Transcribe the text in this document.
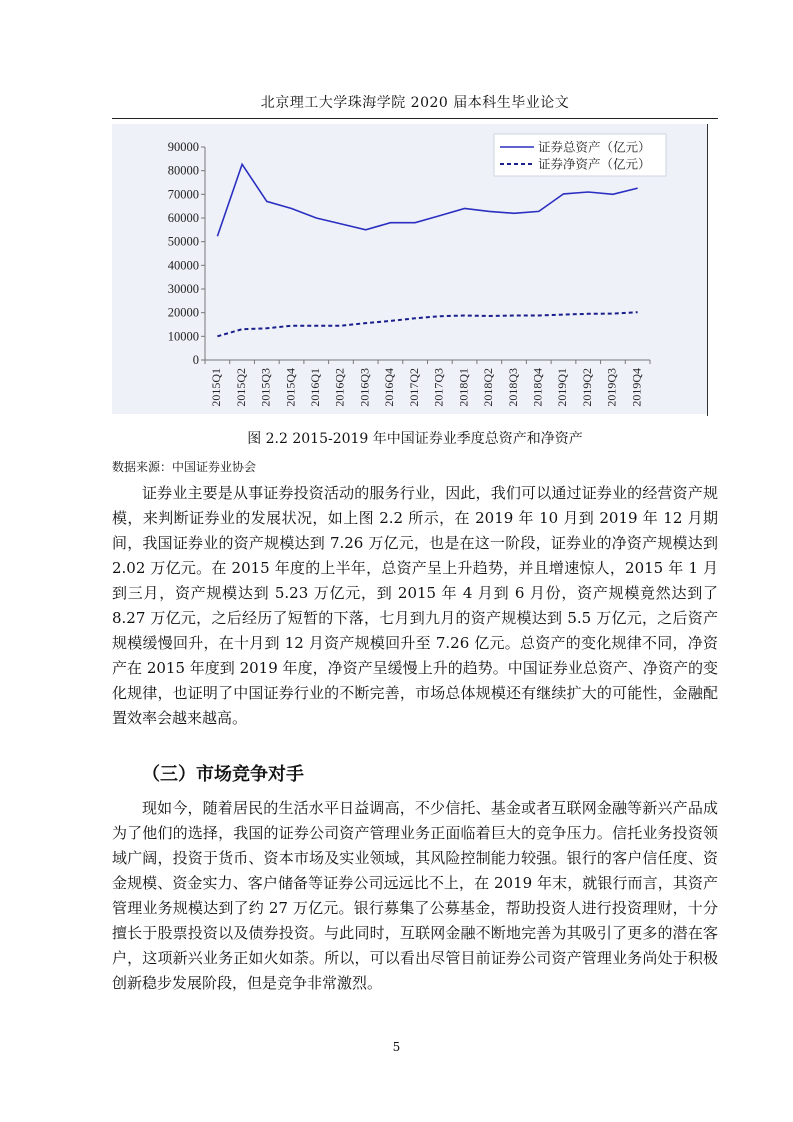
北京理工大学珠海学院 2020 届本科生毕业论文
0
10000
20000
30000
40000
50000
60000
70000
80000
90000
2015Q1 2015Q2 2015Q3 2015Q4 2016Q1 2016Q2 2016Q3 2016Q4 2017Q2 2017Q3 2018Q1 2018Q2 2018Q3 2018Q4 2019Q1 2019Q2 2019Q3 2019Q4
证券总资产（亿元）
证券净资产（亿元）
图 2.2 2015-2019 年中国证券业季度总资产和净资产
数据来源：中国证券业协会

证券业主要是从事证券投资活动的服务行业，因此，我们可以通过证券业的经营资产规模，来判断证券业的发展状况，如上图 2.2 所示，在 2019 年 10 月到 2019 年 12 月期间，我国证券业的资产规模达到 7.26 万亿元，也是在这一阶段，证券业的净资产规模达到 2.02 万亿元。在 2015 年度的上半年，总资产呈上升趋势，并且增速惊人，2015 年 1 月到三月，资产规模达到 5.23 万亿元，到 2015 年 4 月到 6 月份，资产规模竟然达到了 8.27 万亿元，之后经历了短暂的下落，七月到九月的资产规模达到 5.5 万亿元，之后资产规模缓慢回升，在十月到 12 月资产规模回升至 7.26 亿元。总资产的变化规律不同，净资产在 2015 年度到 2019 年度，净资产呈缓慢上升的趋势。中国证券业总资产、净资产的变化规律，也证明了中国证券行业的不断完善，市场总体规模还有继续扩大的可能性，金融配置效率会越来越高。

（三）市场竞争对手

现如今，随着居民的生活水平日益调高，不少信托、基金或者互联网金融等新兴产品成为了他们的选择，我国的证券公司资产管理业务正面临着巨大的竞争压力。信托业务投资领域广阔，投资于货币、资本市场及实业领域，其风险控制能力较强。银行的客户信任度、资金规模、资金实力、客户储备等证券公司远远比不上，在 2019 年末，就银行而言，其资产管理业务规模达到了约 27 万亿元。银行募集了公募基金，帮助投资人进行投资理财，十分擅长于股票投资以及债券投资。与此同时，互联网金融不断地完善为其吸引了更多的潜在客户，这项新兴业务正如火如荼。所以，可以看出尽管目前证券公司资产管理业务尚处于积极创新稳步发展阶段，但是竞争非常激烈。

5
